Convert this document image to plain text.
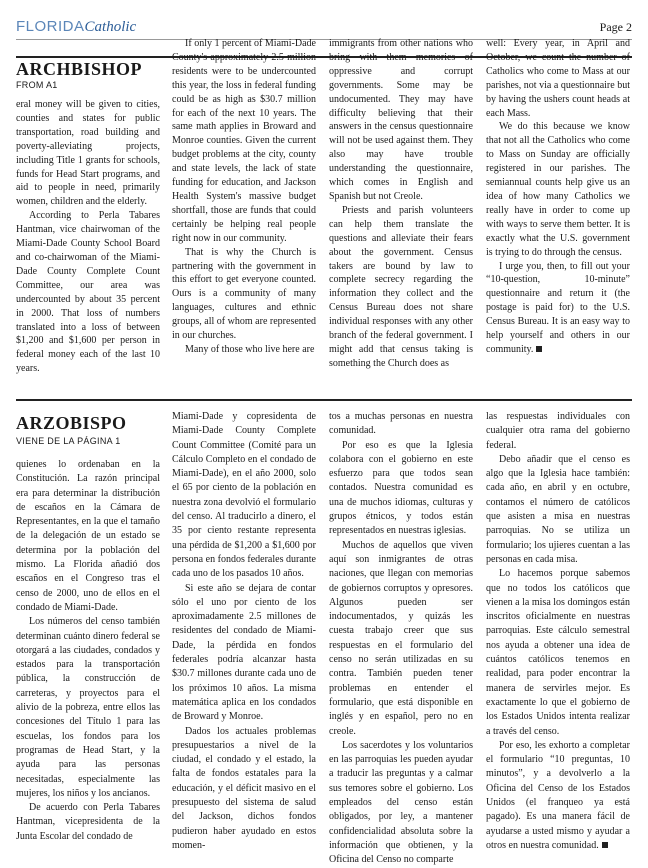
FLORIDACatholic	Page 2
ARCHBISHOP
FROM A1

eral money will be given to cities, counties and states for public transportation, road building and poverty-alleviating projects, including Title 1 grants for schools, funds for Head Start programs, and aid to people in need, primarily women, children and the elderly.

According to Perla Tabares Hantman, vice chairwoman of the Miami-Dade County School Board and co-chairwoman of the Miami-Dade County Complete Count Committee, our area was undercounted by about 35 percent in 2000. That loss of numbers translated into a loss of between $1,200 and $1,600 per person in federal money each of the last 10 years.

If only 1 percent of Miami-Dade County's approximately 2.5 million residents were to be undercounted this year, the loss in federal funding could be as high as $30.7 million for each of the next 10 years. The same math applies in Broward and Monroe counties. Given the current budget problems at the city, county and state levels, the lack of state funding for education, and Jackson Health System's massive budget shortfall, those are funds that could certainly be helping real people right now in our community.

That is why the Church is partnering with the government in this effort to get everyone counted. Ours is a community of many languages, cultures and ethnic groups, all of whom are represented in our churches.

Many of those who live here are

immigrants from other nations who bring with them memories of oppressive and corrupt governments. Some may be undocumented. They may have difficulty believing that their answers in the census questionnaire will not be used against them. They also may have trouble understanding the questionnaire, which comes in English and Spanish but not Creole.

Priests and parish volunteers can help them translate the questions and alleviate their fears about the government. Census takers are bound by law to complete secrecy regarding the information they collect and the Census Bureau does not share individual responses with any other branch of the federal government. I might add that census taking is something the Church does as

well: Every year, in April and October, we count the number of Catholics who come to Mass at our parishes, not via a questionnaire but by having the ushers count heads at each Mass.

We do this because we know that not all the Catholics who come to Mass on Sunday are officially registered in our parishes. The semiannual counts help give us an idea of how many Catholics we really have in order to come up with ways to serve them better. It is exactly what the U.S. government is trying to do through the census.

I urge you, then, to fill out your “10-question, 10-minute” questionnaire and return it (the postage is paid for) to the U.S. Census Bureau. It is an easy way to help yourself and others in our community.

ARZOBISPO
VIENE DE LA PÁGINA 1

quienes lo ordenaban en la Constitución. La razón principal era para determinar la distribución de escaños en la Cámara de Representantes, en la que el tamaño de la delegación de un estado se determina por la población del mismo. La Florida añadió dos escaños en el Congreso tras el censo de 2000, uno de ellos en el condado de Miami-Dade.

Los números del censo también determinan cuánto dinero federal se otorgará a las ciudades, condados y estados para la transportación pública, la construcción de carreteras, y proyectos para el alivio de la pobreza, entre ellos las concesiones del Título 1 para las escuelas, los fondos para los programas de Head Start, y la ayuda para las personas necesitadas, especialmente las mujeres, los niños y los ancianos.

De acuerdo con Perla Tabares Hantman, vicepresidenta de la Junta Escolar del condado de

Miami-Dade y copresidenta de Miami-Dade County Complete Count Committee (Comité para un Cálculo Completo en el condado de Miami-Dade), en el año 2000, solo el 65 por ciento de la población en nuestra zona devolvió el formulario del censo. Al traducirlo a dinero, el 35 por ciento restante representa una pérdida de $1,200 a $1,600 por persona en fondos federales durante cada uno de los pasados 10 años.

Si este año se dejara de contar sólo el uno por ciento de los aproximadamente 2.5 millones de residentes del condado de Miami-Dade, la pérdida en fondos federales podría alcanzar hasta $30.7 millones durante cada uno de los próximos 10 años. La misma matemática aplica en los condados de Broward y Monroe.

Dados los actuales problemas presupuestarios a nivel de la ciudad, el condado y el estado, la falta de fondos estatales para la educación, y el déficit masivo en el presupuesto del sistema de salud del Jackson, dichos fondos pudieron haber ayudado en estos momen-

tos a muchas personas en nuestra comunidad.

Por eso es que la Iglesia colabora con el gobierno en este esfuerzo para que todos sean contados. Nuestra comunidad es una de muchos idiomas, culturas y grupos étnicos, y todos están representados en nuestras iglesias.

Muchos de aquellos que viven aquí son inmigrantes de otras naciones, que llegan con memorias de gobiernos corruptos y opresores. Algunos pueden ser indocumentados, y quizás les cuesta trabajo creer que sus respuestas en el formulario del censo no serán utilizadas en su contra. También pueden tener problemas en entender el formulario, que está disponible en inglés y en español, pero no en creole.

Los sacerdotes y los voluntarios en las parroquias les pueden ayudar a traducir las preguntas y a calmar sus temores sobre el gobierno. Los empleados del censo están obligados, por ley, a mantener confidencialidad absoluta sobre la información que obtienen, y la Oficina del Censo no comparte

las respuestas individuales con cualquier otra rama del gobierno federal.

Debo añadir que el censo es algo que la Iglesia hace también: cada año, en abril y en octubre, contamos el número de católicos que asisten a misa en nuestras parroquias. No se utiliza un formulario; los ujieres cuentan a las personas en cada misa.

Lo hacemos porque sabemos que no todos los católicos que vienen a la misa los domingos están inscritos oficialmente en nuestras parroquias. Este cálculo semestral nos ayuda a obtener una idea de cuántos católicos tenemos en realidad, para poder encontrar la manera de servirles mejor. Es exactamente lo que el gobierno de los Estados Unidos intenta realizar a través del censo.

Por eso, les exhorto a completar el formulario “10 preguntas, 10 minutos”, y a devolverlo a la Oficina del Censo de los Estados Unidos (el franqueo ya está pagado). Es una manera fácil de ayudarse a usted mismo y ayudar a otros en nuestra comunidad.
